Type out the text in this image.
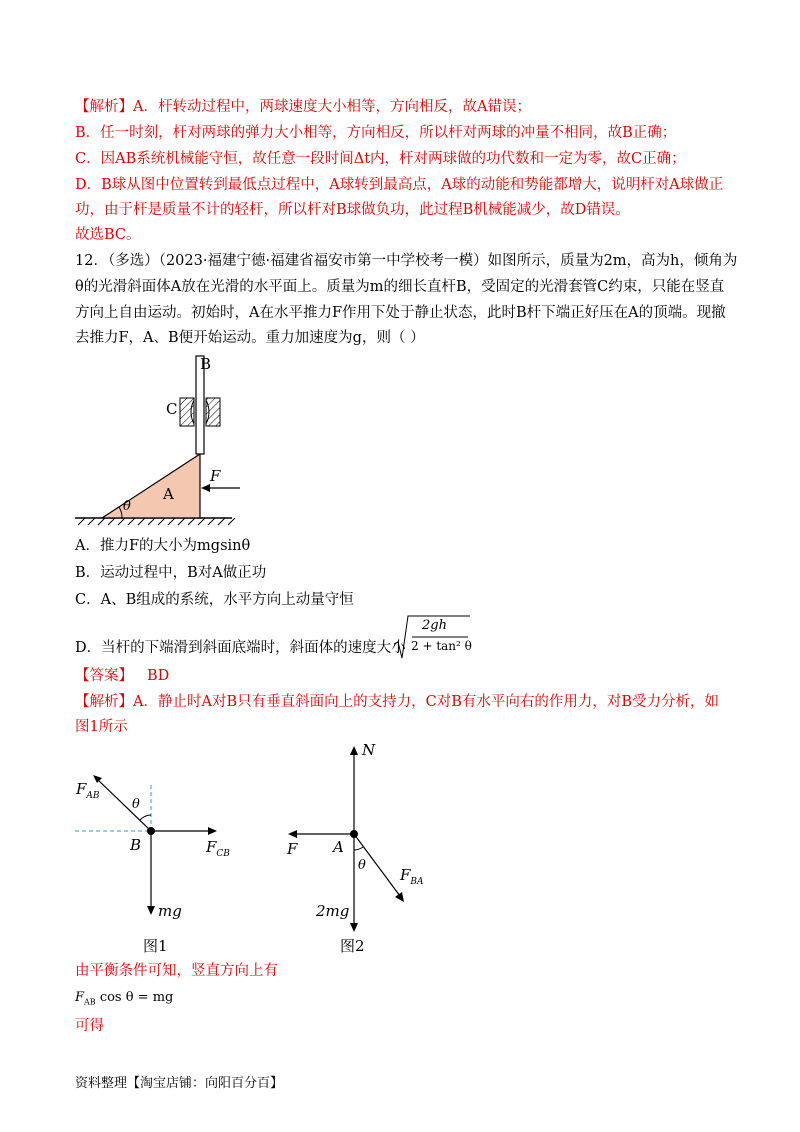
【解析】A．杆转动过程中，两球速度大小相等，方向相反，故A错误；
B．任一时刻，杆对两球的弹力大小相等，方向相反，所以杆对两球的冲量不相同，故B正确；
C．因AB系统机械能守恒，故任意一段时间Δt内，杆对两球做的功代数和一定为零，故C正确；
D．B球从图中位置转到最低点过程中，A球转到最高点，A球的动能和势能都增大，说明杆对A球做正
功，由于杆是质量不计的轻杆，所以杆对B球做负功，此过程B机械能减少，故D错误。
故选BC。
12．（多选）（2023·福建宁德·福建省福安市第一中学校考一模）如图所示，质量为2m，高为h，倾角为
θ的光滑斜面体A放在光滑的水平面上。质量为m的细长直杆B，受固定的光滑套管C约束，只能在竖直
方向上自由运动。初始时，A在水平推力F作用下处于静止状态，此时B杆下端正好压在A的顶端。现撤
去推力F，A、B便开始运动。重力加速度为g，则（ ）
B
C
A
F
θ
A．推力F的大小为mgsinθ
B．运动过程中，B对A做正功
C．A、B组成的系统，水平方向上动量守恒
D．当杆的下端滑到斜面底端时，斜面体的速度大小
2gh
2 + tan² θ
【答案】 BD
【解析】A．静止时A对B只有垂直斜面向上的支持力，C对B有水平向右的作用力，对B受力分析，如
图1所示
$F_{AB}$
θ
B	$F_{CB}$
mg
图1
N
F A
θ
$F_{BA}$
2mg
图2
由平衡条件可知，竖直方向上有
$F_{AB}$ cos θ = mg
可得
资料整理【淘宝店铺：向阳百分百】
